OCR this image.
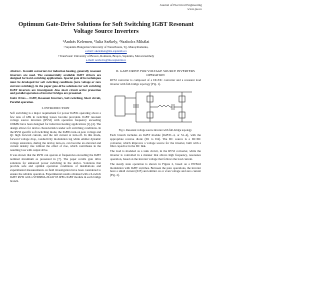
Journal of Electrical Engineering
www.jee.ro
Optimum Gate-Drive Solutions for Soft Switching IGBT Resonant
Voltage Source Inverters
¹András Kelemen, ¹Iulia Székely, ²Szabolcs Mihálai
¹ Sapientia Hungarian University of Transilvania, Tg. Mureș/Romania,
e-mail: akelemen@ms.sapientia.ro
² TransSonic University of Brasov, Romania, Brașov, Sapientia, Marosvásárhely
e-mail: szabolcs@ms.sapientia.ro

Abstract– In multi converters for induction heating, generally resonant inverters are used. The commercially available IGBT drivers are designed for hard-switching applications. Special gate drive techniques must be developed for soft switching conditions (zero voltage or zero current switching). In the paper gate-drive solutions for soft switching IGBT inverters are investigated. Also short circuit active protection and parallel operation of inverter bridges are presented.

Index Terms— IGBT, Resonant Inverters, Soft switching, Short circuit, Parallel operation.

I. INTRODUCTION

Soft switching is a major requirement for power IGBTs operating above a few tens of kHz in switching losses become prevalent. IGBT resonant voltage source inverters (RVSI) with operation frequency exceeding 100kHz have been designed for induction heating applications [1]-[4]. The design allows for device characteristics under soft switching conditions. In the RVSI specific soft switching mode, the IGBTs turn-on zero voltage and Q1 high forward current, and the tail current at turn-off. In this mode, forward voltage drop, conductivity modulation lag while emitter dynamic voltage saturation, during the device turn-on, can become an elevated and current density rise without the effect of rise, which contributes in the resulting loss with output drive.

It was shown that the RVSI can operate at frequencies exceeding the IGBT nominal maximum as presented in [7]. The paper recalls gate drive solutions for enhanced power switching in the device. Solutions that provide safe and optimal operation conditions of installations and experimental measurements on field investigation have been considered to ensure the reliable operation. Experimental results obtained with a 6-switch IGBT RVSI with a STD680A 20-kW 65 IPEG IGBT module in each bridge branch.

II. GATE DRIVE FOR VOLTAGE SOURCE INVERTERS
OPERATION

RVSI converter is composed of a DC/DC converter and a resonant load inverter with full-bridge topology (Fig. 1).

Fig.1. Resonant voltage source inverter with full-bridge topology.

Each branch includes an IGBT module (IGBT1..4, or S1..4), with the appropriate reverse diode (D1 to D4). The DC source is a DC/DC converter, which improves a voltage source for the inverter, built with a filter capacitor in the DC link.

The load is modeled as a tank circuit, in the RVSI converter, while the inverter is controlled in a manner that allows high frequency, resonance operation, based on the inverter voltage that follows the load current.

The steady state operation is shown in Figure 2, based on a PWM-6 modulation with IGBT switches. Between the pure operations, the inverter have a small current (ICE) and emitter on or even voltage and zero current (Fig. 2).
